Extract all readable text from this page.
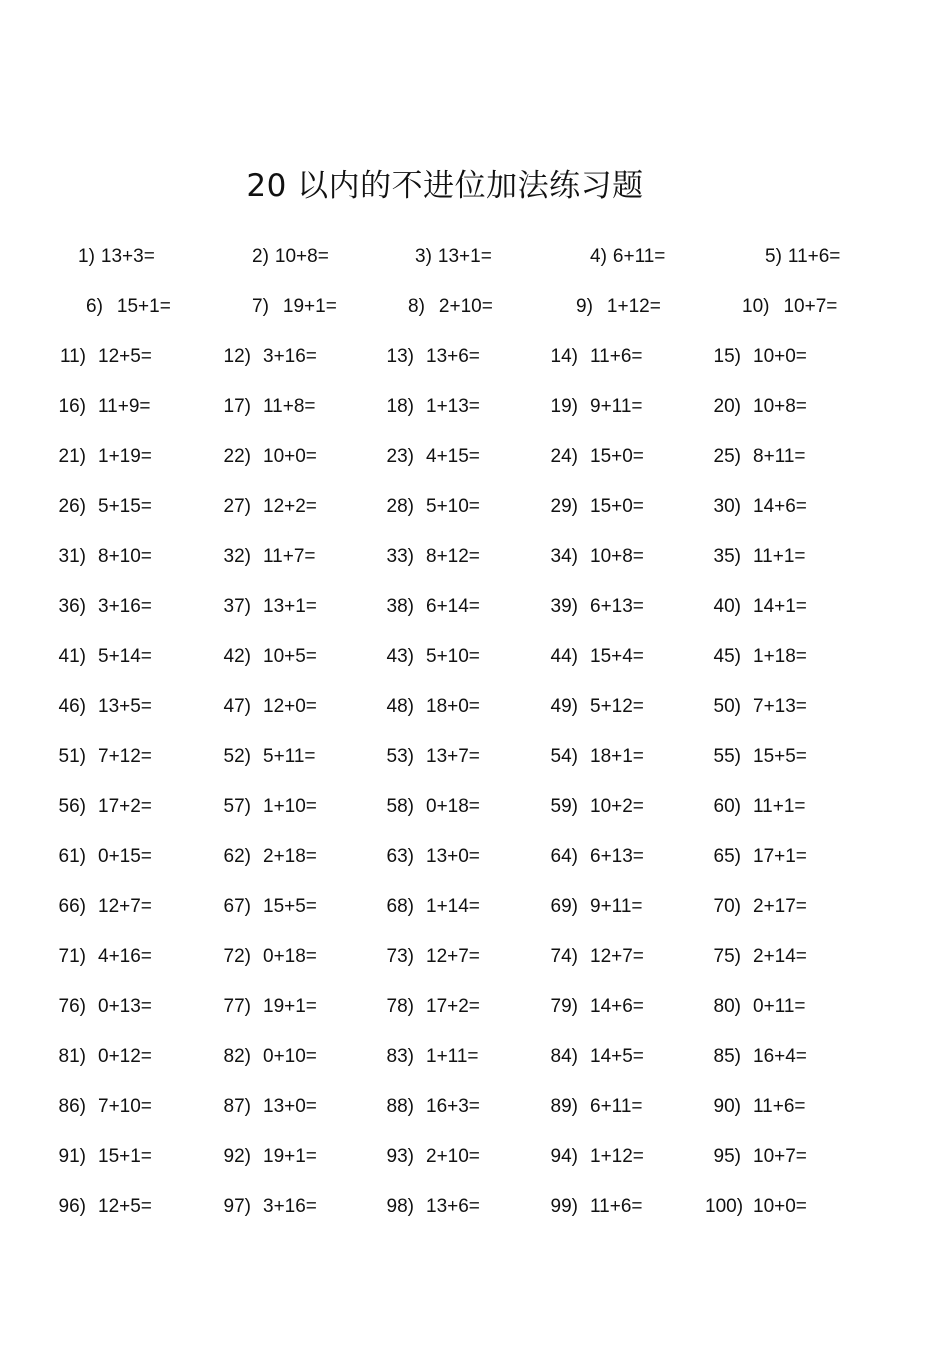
20 以内的不进位加法练习题
1) 13+3=	2) 10+8=	3) 13+1=	4) 6+11=	5) 11+6=
6) 15+1=	7) 19+1=	8) 2+10=	9) 1+12=	10) 10+7=
11) 12+5=	12) 3+16=	13) 13+6=	14) 11+6=	15) 10+0=
16) 11+9=	17) 11+8=	18) 1+13=	19) 9+11=	20) 10+8=
21) 1+19=	22) 10+0=	23) 4+15=	24) 15+0=	25) 8+11=
26) 5+15=	27) 12+2=	28) 5+10=	29) 15+0=	30) 14+6=
31) 8+10=	32) 11+7=	33) 8+12=	34) 10+8=	35) 11+1=
36) 3+16=	37) 13+1=	38) 6+14=	39) 6+13=	40) 14+1=
41) 5+14=	42) 10+5=	43) 5+10=	44) 15+4=	45) 1+18=
46) 13+5=	47) 12+0=	48) 18+0=	49) 5+12=	50) 7+13=
51) 7+12=	52) 5+11=	53) 13+7=	54) 18+1=	55) 15+5=
56) 17+2=	57) 1+10=	58) 0+18=	59) 10+2=	60) 11+1=
61) 0+15=	62) 2+18=	63) 13+0=	64) 6+13=	65) 17+1=
66) 12+7=	67) 15+5=	68) 1+14=	69) 9+11=	70) 2+17=
71) 4+16=	72) 0+18=	73) 12+7=	74) 12+7=	75) 2+14=
76) 0+13=	77) 19+1=	78) 17+2=	79) 14+6=	80) 0+11=
81) 0+12=	82) 0+10=	83) 1+11=	84) 14+5=	85) 16+4=
86) 7+10=	87) 13+0=	88) 16+3=	89) 6+11=	90) 11+6=
91) 15+1=	92) 19+1=	93) 2+10=	94) 1+12=	95) 10+7=
96) 12+5=	97) 3+16=	98) 13+6=	99) 11+6=	100) 10+0=
